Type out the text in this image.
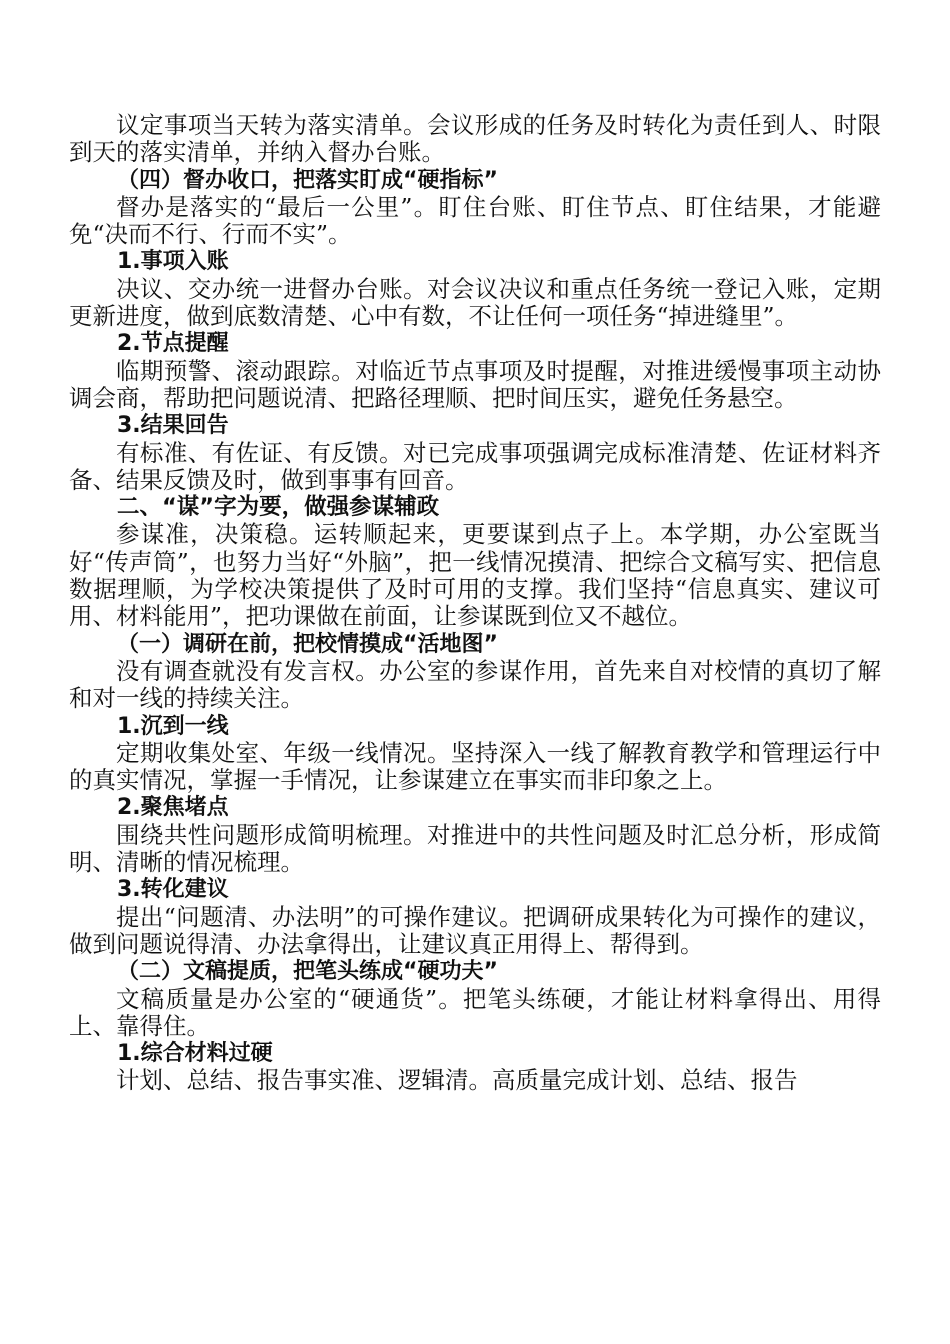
议定事项当天转为落实清单。会议形成的任务及时转化为责任到人、时限到天的落实清单，并纳入督办台账。

（四）督办收口，把落实盯成“硬指标”

督办是落实的“最后一公里”。盯住台账、盯住节点、盯住结果，才能避免“决而不行、行而不实”。

1.事项入账

决议、交办统一进督办台账。对会议决议和重点任务统一登记入账，定期更新进度，做到底数清楚、心中有数，不让任何一项任务“掉进缝里”。

2.节点提醒

临期预警、滚动跟踪。对临近节点事项及时提醒，对推进缓慢事项主动协调会商，帮助把问题说清、把路径理顺、把时间压实，避免任务悬空。

3.结果回告

有标准、有佐证、有反馈。对已完成事项强调完成标准清楚、佐证材料齐备、结果反馈及时，做到事事有回音。

二、“谋”字为要，做强参谋辅政

参谋准，决策稳。运转顺起来，更要谋到点子上。本学期，办公室既当好“传声筒”，也努力当好“外脑”，把一线情况摸清、把综合文稿写实、把信息数据理顺，为学校决策提供了及时可用的支撑。我们坚持“信息真实、建议可用、材料能用”，把功课做在前面，让参谋既到位又不越位。

（一）调研在前，把校情摸成“活地图”

没有调查就没有发言权。办公室的参谋作用，首先来自对校情的真切了解和对一线的持续关注。

1.沉到一线

定期收集处室、年级一线情况。坚持深入一线了解教育教学和管理运行中的真实情况，掌握一手情况，让参谋建立在事实而非印象之上。

2.聚焦堵点

围绕共性问题形成简明梳理。对推进中的共性问题及时汇总分析，形成简明、清晰的情况梳理。

3.转化建议

提出“问题清、办法明”的可操作建议。把调研成果转化为可操作的建议，做到问题说得清、办法拿得出，让建议真正用得上、帮得到。

（二）文稿提质，把笔头练成“硬功夫”

文稿质量是办公室的“硬通货”。把笔头练硬，才能让材料拿得出、用得上、靠得住。

1.综合材料过硬

计划、总结、报告事实准、逻辑清。高质量完成计划、总结、报告
